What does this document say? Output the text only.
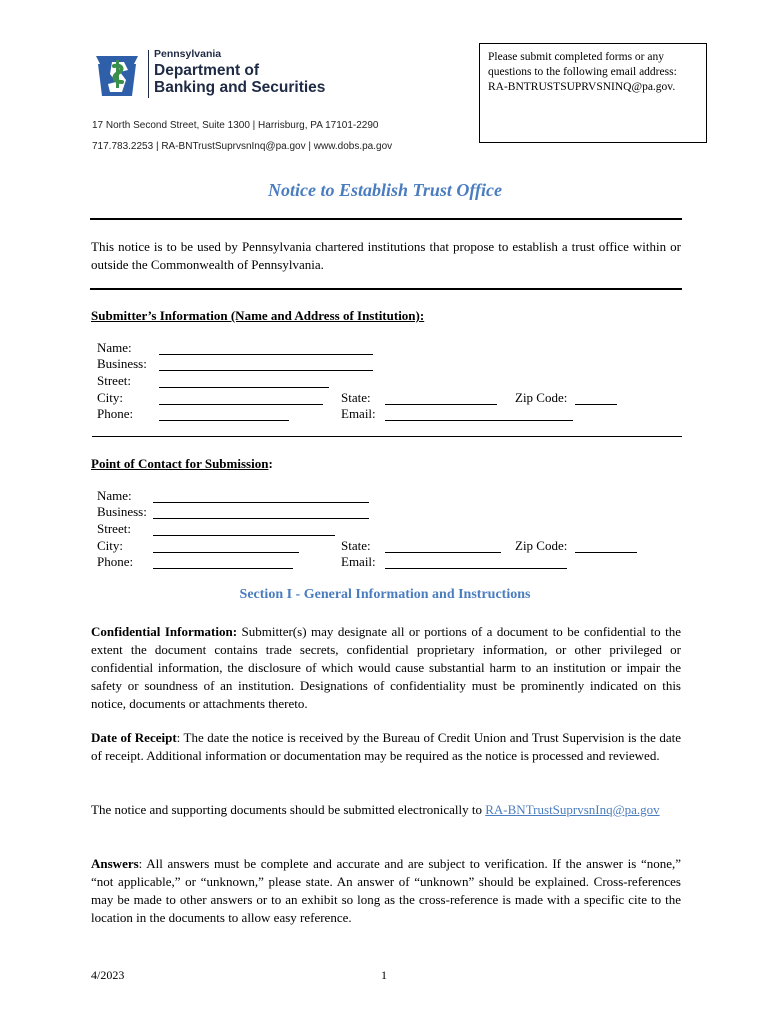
Pennsylvania
Department of
Banking and Securities
Please submit completed forms or any
questions to the following email address:
RA-BNTRUSTSUPRVSNINQ@pa.gov.
17 North Second Street, Suite 1300 | Harrisburg, PA 17101-2290
717.783.2253 | RA-BNTrustSuprvsnInq@pa.gov | www.dobs.pa.gov
Notice to Establish Trust Office
This notice is to be used by Pennsylvania chartered institutions that propose to establish a trust office within or outside the Commonwealth of Pennsylvania.
Submitter’s Information (Name and Address of Institution):
Name:
Business:
Street:
City:	State:	Zip Code:
Phone:	Email:
Point of Contact for Submission:
Name:
Business:
Street:
City:	State:	Zip Code:
Phone:	Email:
Section I - General Information and Instructions
Confidential Information: Submitter(s) may designate all or portions of a document to be confidential to the extent the document contains trade secrets, confidential proprietary information, or other privileged or confidential information, the disclosure of which would cause substantial harm to an institution or impair the safety or soundness of an institution. Designations of confidentiality must be prominently indicated on this notice, documents or attachments thereto.
Date of Receipt: The date the notice is received by the Bureau of Credit Union and Trust Supervision is the date of receipt. Additional information or documentation may be required as the notice is processed and reviewed.
The notice and supporting documents should be submitted electronically to RA-BNTrustSuprvsnInq@pa.gov
Answers: All answers must be complete and accurate and are subject to verification. If the answer is “none,” “not applicable,” or “unknown,” please state. An answer of “unknown” should be explained. Cross-references may be made to other answers or to an exhibit so long as the cross-reference is made with a specific cite to the location in the documents to allow easy reference.
4/2023	1
